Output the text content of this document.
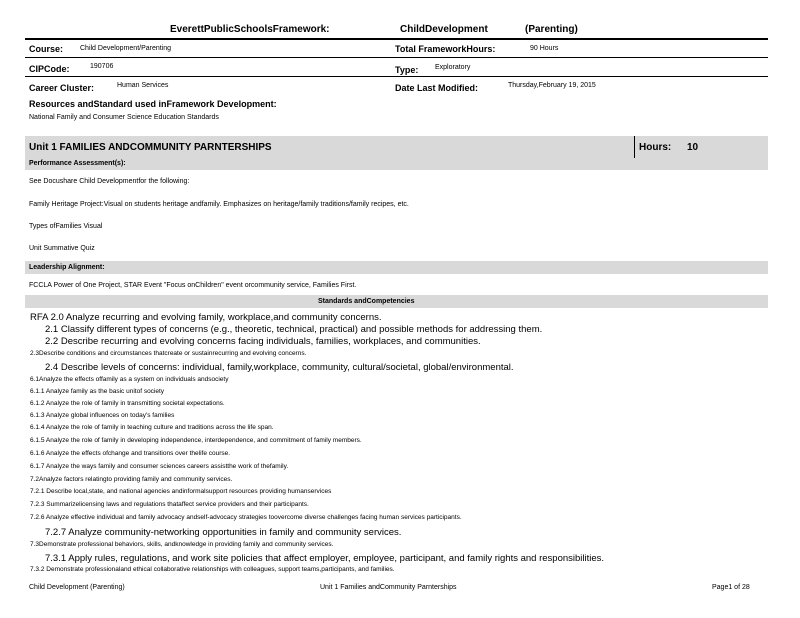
EverettPublicSchoolsFramework:	ChildDevelopment	(Parenting)
Course: Child Development/Parenting	Total FrameworkHours:	90 Hours
CIPCode:	190706	Type: Exploratory
Career Cluster:	Human Services	Date Last Modified:	Thursday,February 19, 2015
Resources andStandard used inFramework Development:
National Family and Consumer Science Education Standards
Unit 1 FAMILIES ANDCOMMUNITY PARNTERSHIPS	Hours: 10
Performance Assessment(s):
See Docushare Child Developmentfor the following:
Family Heritage Project:Visual on students heritage andfamily. Emphasizes on heritage/family traditions/family recipes, etc.
Types ofFamilies Visual
Unit Summative Quiz
Leadership Alignment:
FCCLA Power of One Project, STAR Event "Focus onChildren" event orcommunity service, Families First.
Standards andCompetencies
RFA 2.0 Analyze recurring and evolving family, workplace,and community concerns.
2.1 Classify different types of concerns (e.g., theoretic, technical, practical) and possible methods for addressing them.
2.2 Describe recurring and evolving concerns facing individuals, families, workplaces, and communities.
2.3Describe conditions and circumstances thatcreate or sustainrecurring and evolving concerns.
2.4 Describe levels of concerns: individual, family,workplace, community, cultural/societal, global/environmental.
6.1Analyze the effects offamily as a system on individuals andsociety
6.1.1 Analyze family as the basic unitof society
6.1.2 Analyze the role of family in transmitting societal expectations.
6.1.3 Analyze global influences on today's families
6.1.4 Analyze the role of family in teaching culture and traditions across the life span.
6.1.5 Analyze the role of family in developing independence, interdependence, and commitment of family members.
6.1.6 Analyze the effects ofchange and transitions over thelife course.
6.1.7 Analyze the ways family and consumer sciences careers assistthe work of thefamily.
7.2Analyze factors relatingto providing family and community services.
7.2.1 Describe local,state, and national agencies andinformalsupport resources providing humanservices
7.2.3 Summarizelicensing laws and regulations thataffect service providers and their participants.
7.2.6 Analyze effective individual and family advocacy andself-advocacy strategies toovercome diverse challenges facing human services participants.
7.2.7 Analyze community-networking opportunities in family and community services.
7.3Demonstrate professional behaviors, skills, andknowledge in providing family and community services.
7.3.1 Apply rules, regulations, and work site policies that affect employer, employee, participant, and family rights and responsibilities.
7.3.2 Demonstrate professionaland ethical collaborative relationships with colleagues, support teams,participants, and families.
Child Development (Parenting)	Unit 1 Families andCommunity Parnterships	Page1 of 28
